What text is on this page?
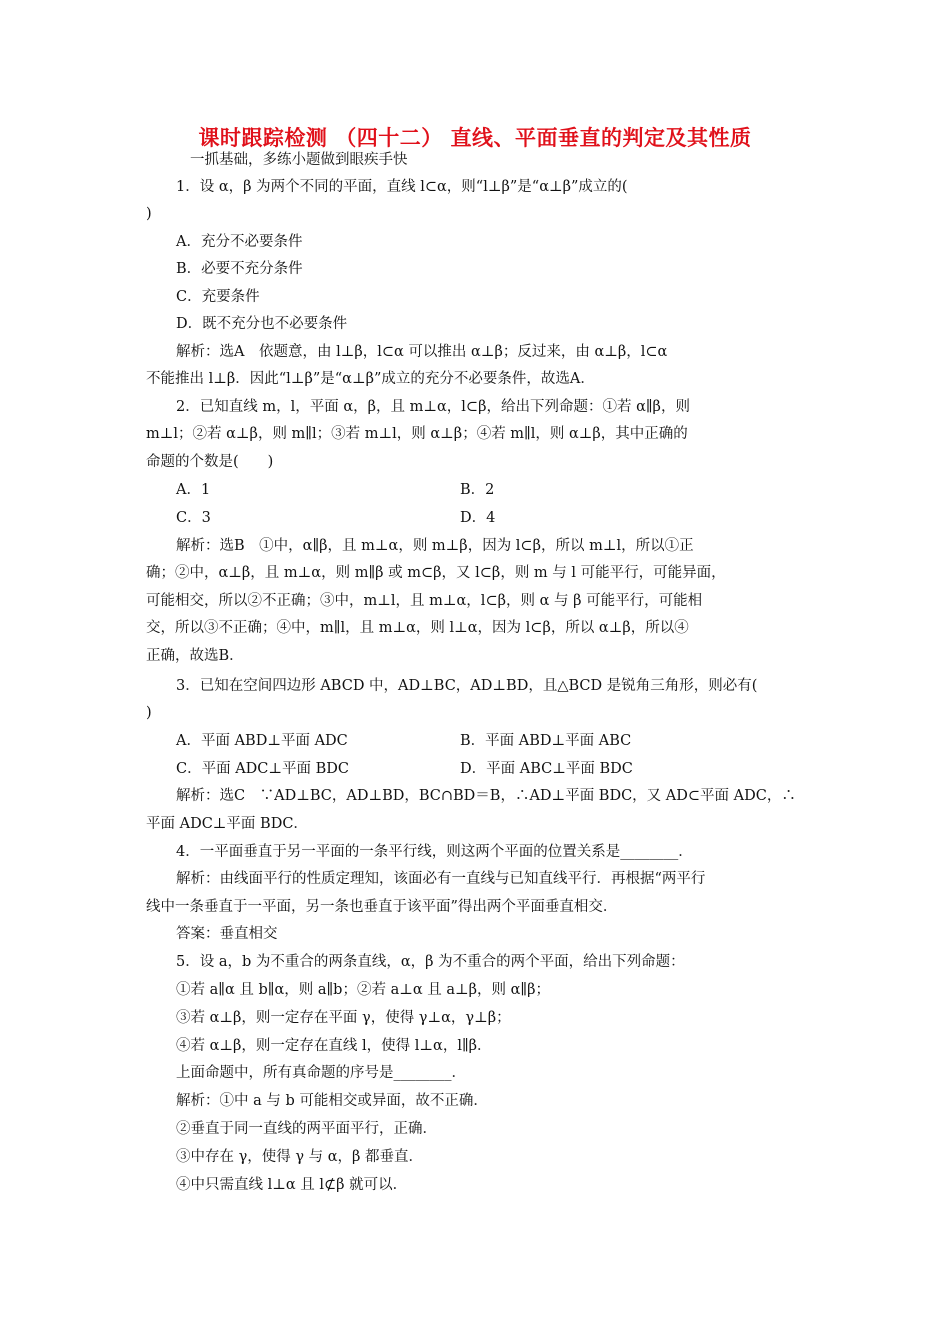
课时跟踪检测 （四十二） 直线、平面垂直的判定及其性质
一抓基础，多练小题做到眼疾手快
1．设 α，β 为两个不同的平面，直线 l⊂α，则“l⊥β”是“α⊥β”成立的(
)
A．充分不必要条件
B．必要不充分条件
C．充要条件
D．既不充分也不必要条件
解析：选A　依题意，由 l⊥β，l⊂α 可以推出 α⊥β；反过来，由 α⊥β，l⊂α
不能推出 l⊥β．因此“l⊥β”是“α⊥β”成立的充分不必要条件，故选A．
2．已知直线 m，l，平面 α，β，且 m⊥α，l⊂β，给出下列命题：①若 α∥β，则
m⊥l；②若 α⊥β，则 m∥l；③若 m⊥l，则 α⊥β；④若 m∥l，则 α⊥β，其中正确的
命题的个数是(　　)
A．1	B．2
C．3	D．4
解析：选B　①中，α∥β，且 m⊥α，则 m⊥β，因为 l⊂β，所以 m⊥l，所以①正
确；②中，α⊥β，且 m⊥α，则 m∥β 或 m⊂β，又 l⊂β，则 m 与 l 可能平行，可能异面，
可能相交，所以②不正确；③中，m⊥l，且 m⊥α，l⊂β，则 α 与 β 可能平行，可能相
交，所以③不正确；④中，m∥l，且 m⊥α，则 l⊥α，因为 l⊂β，所以 α⊥β，所以④
正确，故选B．
3．已知在空间四边形 ABCD 中，AD⊥BC，AD⊥BD，且△BCD 是锐角三角形，则必有(
)
A．平面 ABD⊥平面 ADC	B．平面 ABD⊥平面 ABC
C．平面 ADC⊥平面 BDC	D．平面 ABC⊥平面 BDC
解析：选C　∵AD⊥BC，AD⊥BD，BC∩BD＝B，∴AD⊥平面 BDC，又 AD⊂平面 ADC，∴
平面 ADC⊥平面 BDC．
4．一平面垂直于另一平面的一条平行线，则这两个平面的位置关系是________．
解析：由线面平行的性质定理知，该面必有一直线与已知直线平行．再根据“两平行
线中一条垂直于一平面，另一条也垂直于该平面”得出两个平面垂直相交．
答案：垂直相交
5．设 a，b 为不重合的两条直线，α，β 为不重合的两个平面，给出下列命题：
①若 a∥α 且 b∥α，则 a∥b；②若 a⊥α 且 a⊥β，则 α∥β；
③若 α⊥β，则一定存在平面 γ，使得 γ⊥α，γ⊥β；
④若 α⊥β，则一定存在直线 l，使得 l⊥α，l∥β．
上面命题中，所有真命题的序号是________．
解析：①中 a 与 b 可能相交或异面，故不正确．
②垂直于同一直线的两平面平行，正确．
③中存在 γ，使得 γ 与 α，β 都垂直．
④中只需直线 l⊥α 且 l⊄β 就可以．
